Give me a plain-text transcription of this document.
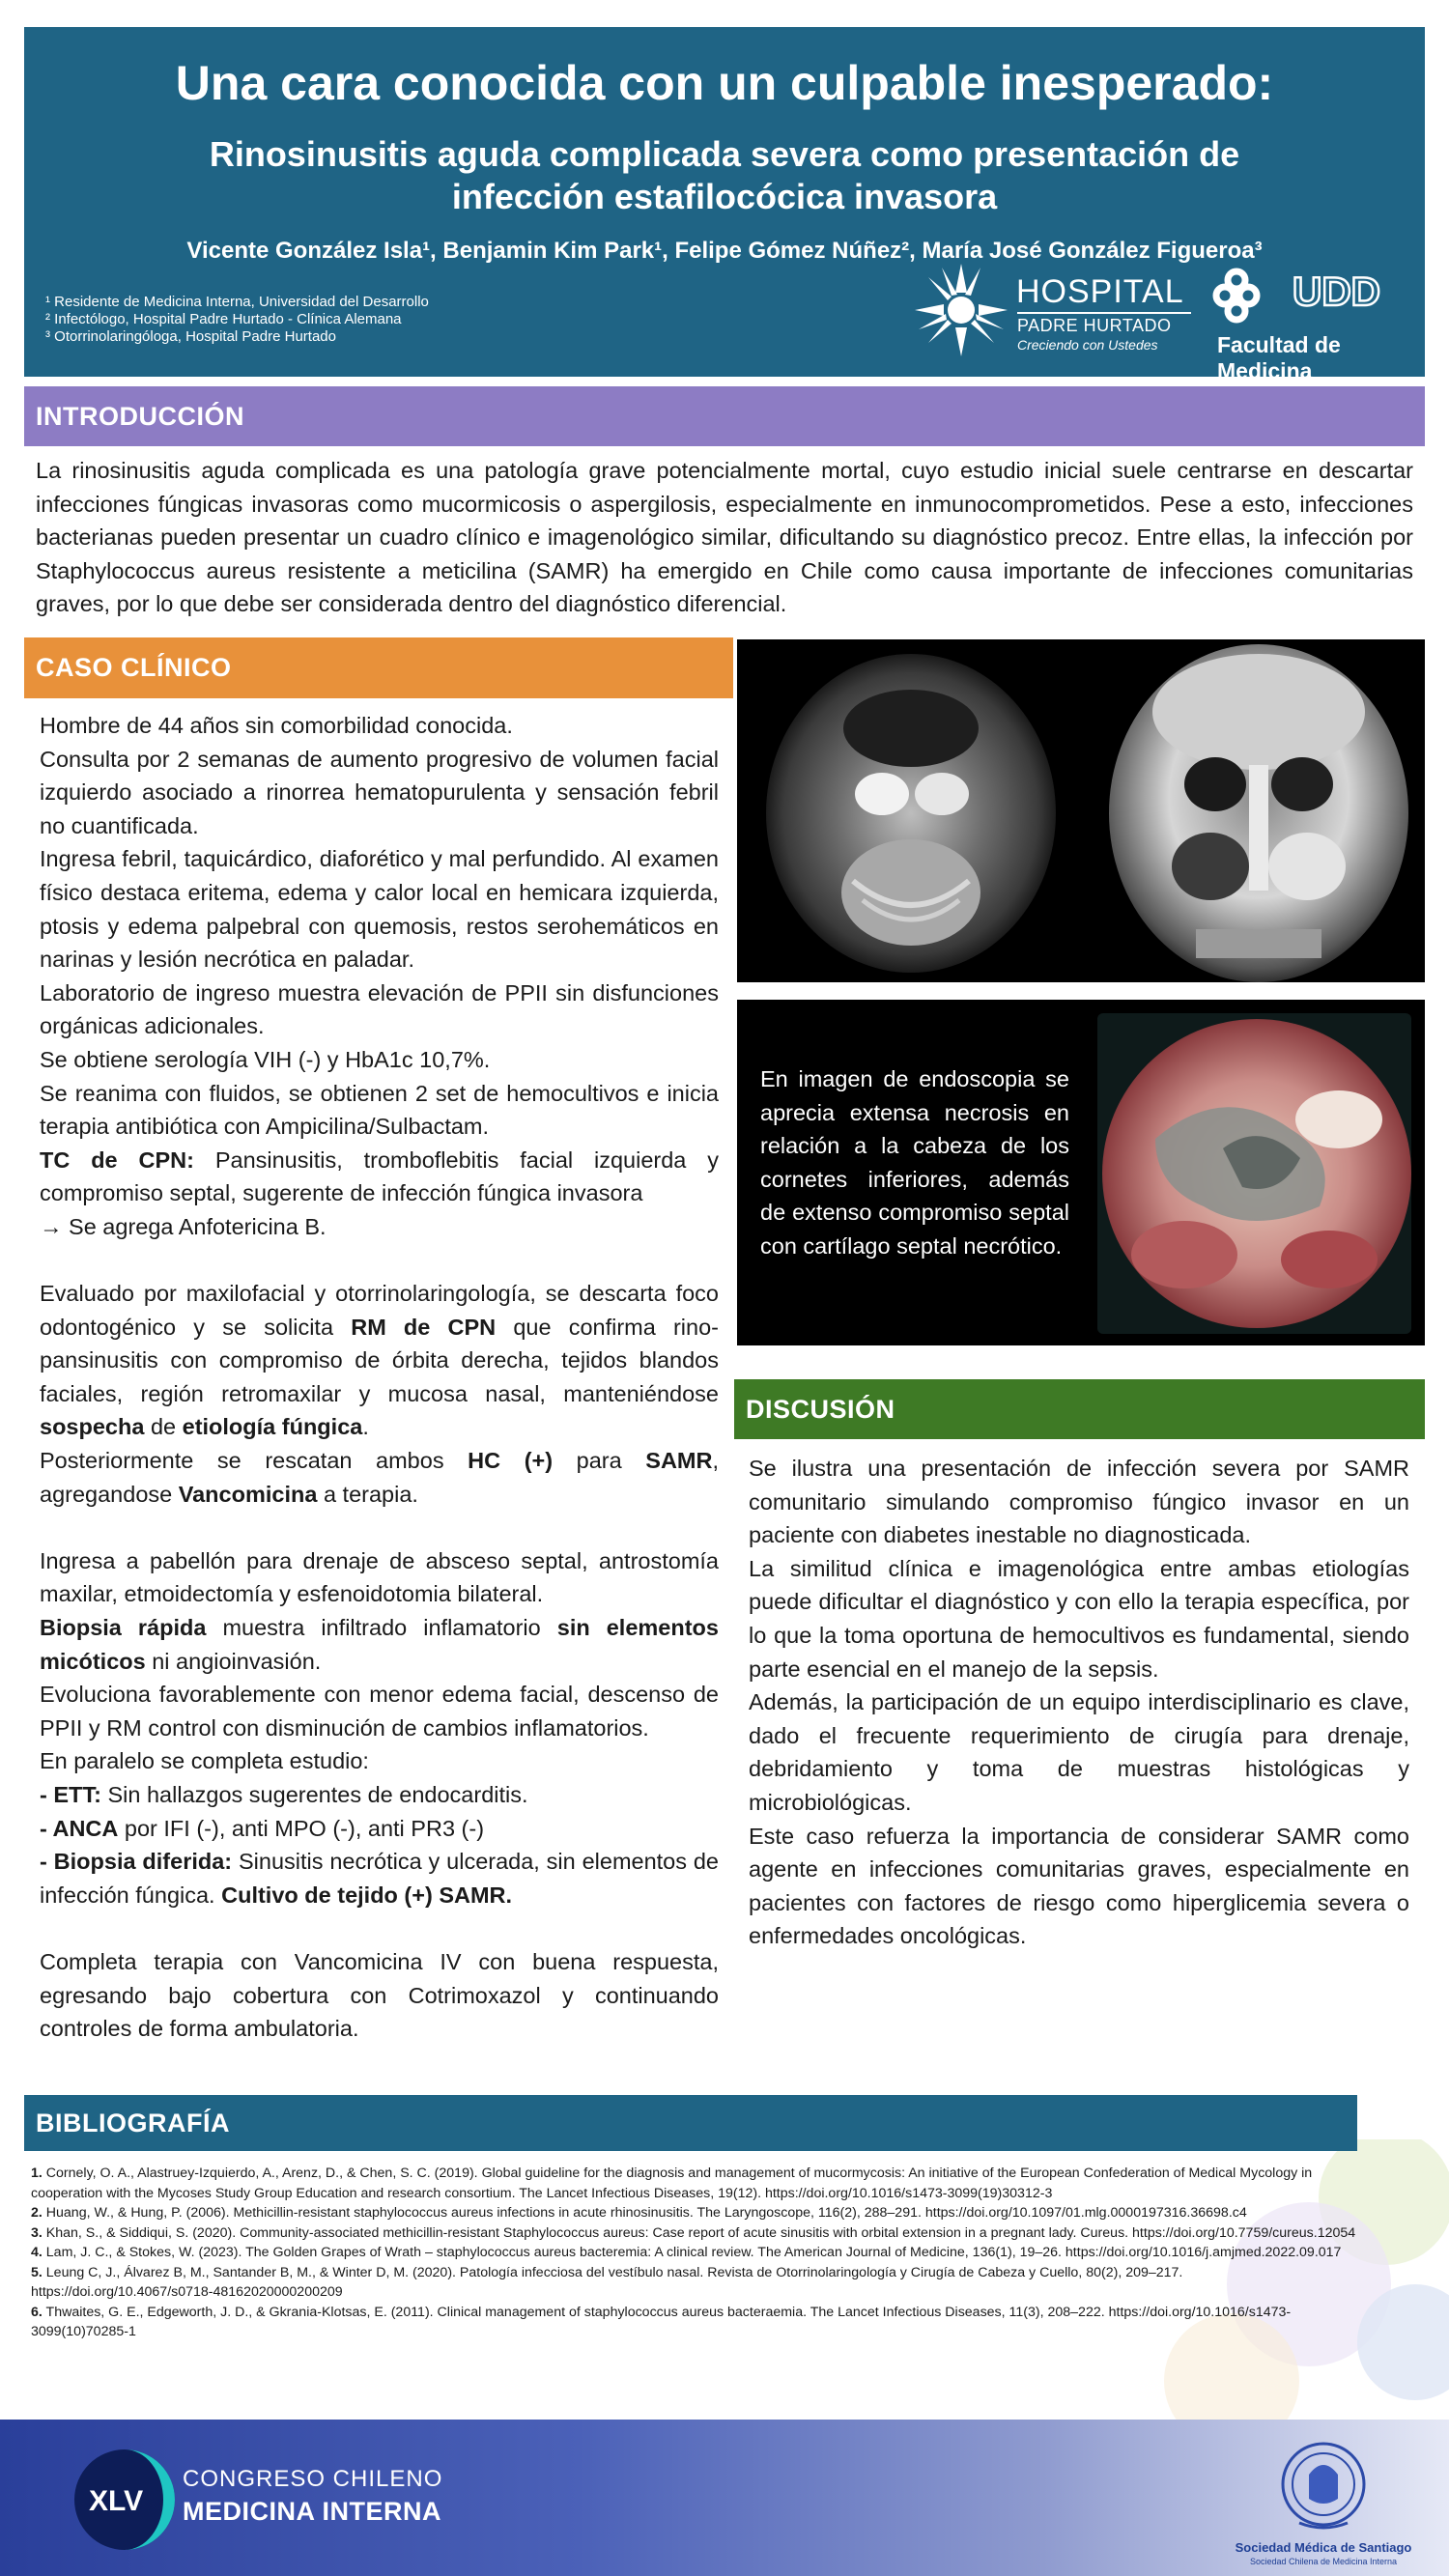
Una cara conocida con un culpable inesperado:
Rinosinusitis aguda complicada severa como presentación de
infección estafilocócica invasora
Vicente González Isla¹, Benjamin Kim Park¹, Felipe Gómez Núñez², María José González Figueroa³
¹ Residente de Medicina Interna, Universidad del Desarrollo
² Infectólogo, Hospital Padre Hurtado - Clínica Alemana
³ Otorrinolaringóloga, Hospital Padre Hurtado
HOSPITAL
PADRE HURTADO
Creciendo con Ustedes
UDD
Facultad de Medicina
INTRODUCCIÓN
La rinosinusitis aguda complicada es una patología grave potencialmente mortal, cuyo estudio inicial suele centrarse en descartar infecciones fúngicas invasoras como mucormicosis o aspergilosis, especialmente en inmunocomprometidos. Pese a esto, infecciones bacterianas pueden presentar un cuadro clínico e imagenológico similar, dificultando su diagnóstico precoz. Entre ellas, la infección por Staphylococcus aureus resistente a meticilina (SAMR) ha emergido en Chile como causa importante de infecciones comunitarias graves, por lo que debe ser considerada dentro del diagnóstico diferencial.
CASO CLÍNICO

Hombre de 44 años sin comorbilidad conocida.

Consulta por 2 semanas de aumento progresivo de volumen facial izquierdo asociado a rinorrea hematopurulenta y sensación febril no cuantificada.

Ingresa febril, taquicárdico, diaforético y mal perfundido. Al examen físico destaca eritema, edema y calor local en hemicara izquierda, ptosis y edema palpebral con quemosis, restos serohemáticos en narinas y lesión necrótica en paladar.

Laboratorio de ingreso muestra elevación de PPII sin disfunciones orgánicas adicionales.

Se obtiene serología VIH (-) y HbA1c 10,7%.

Se reanima con fluidos, se obtienen 2 set de hemocultivos e inicia terapia antibiótica con Ampicilina/Sulbactam.

TC de CPN: Pansinusitis, tromboflebitis facial izquierda y compromiso septal, sugerente de infección fúngica invasora

→ Se agrega Anfotericina B.

Evaluado por maxilofacial y otorrinolaringología, se descarta foco odontogénico y se solicita RM de CPN que confirma rino-pansinusitis con compromiso de órbita derecha, tejidos blandos faciales, región retromaxilar y mucosa nasal, manteniéndose sospecha de etiología fúngica.

Posteriormente se rescatan ambos HC (+) para SAMR, agregandose Vancomicina a terapia.

Ingresa a pabellón para drenaje de absceso septal, antrostomía maxilar, etmoidectomía y esfenoidotomia bilateral.

Biopsia rápida muestra infiltrado inflamatorio sin elementos micóticos ni angioinvasión.

Evoluciona favorablemente con menor edema facial, descenso de PPII y RM control con disminución de cambios inflamatorios.

En paralelo se completa estudio:

- ETT: Sin hallazgos sugerentes de endocarditis.

- ANCA por IFI (-), anti MPO (-), anti PR3 (-)

- Biopsia diferida: Sinusitis necrótica y ulcerada, sin elementos de infección fúngica. Cultivo de tejido (+) SAMR.

Completa terapia con Vancomicina IV con buena respuesta, egresando bajo cobertura con Cotrimoxazol y continuando controles de forma ambulatoria.

En imagen de endoscopia se aprecia extensa necrosis en relación a la cabeza de los cornetes inferiores, además de extenso compromiso septal con cartílago septal necrótico.
DISCUSIÓN

Se ilustra una presentación de infección severa por SAMR comunitario simulando compromiso fúngico invasor en un paciente con diabetes inestable no diagnosticada.

La similitud clínica e imagenológica entre ambas etiologías puede dificultar el diagnóstico y con ello la terapia específica, por lo que la toma oportuna de hemocultivos es fundamental, siendo parte esencial en el manejo de la sepsis.

Además, la participación de un equipo interdisciplinario es clave, dado el frecuente requerimiento de cirugía para drenaje, debridamiento y toma de muestras histológicas y microbiológicas.

Este caso refuerza la importancia de considerar SAMR como agente en infecciones comunitarias graves, especialmente en pacientes con factores de riesgo como hiperglicemia severa o enfermedades oncológicas.

BIBLIOGRAFÍA

1. Cornely, O. A., Alastruey-Izquierdo, A., Arenz, D., & Chen, S. C. (2019). Global guideline for the diagnosis and management of mucormycosis: An initiative of the European Confederation of Medical Mycology in cooperation with the Mycoses Study Group Education and research consortium. The Lancet Infectious Diseases, 19(12). https://doi.org/10.1016/s1473-3099(19)30312-3

2. Huang, W., & Hung, P. (2006). Methicillin-resistant staphylococcus aureus infections in acute rhinosinusitis. The Laryngoscope, 116(2), 288–291. https://doi.org/10.1097/01.mlg.0000197316.36698.c4

3. Khan, S., & Siddiqui, S. (2020). Community-associated methicillin-resistant Staphylococcus aureus: Case report of acute sinusitis with orbital extension in a pregnant lady. Cureus. https://doi.org/10.7759/cureus.12054

4. Lam, J. C., & Stokes, W. (2023). The Golden Grapes of Wrath – staphylococcus aureus bacteremia: A clinical review. The American Journal of Medicine, 136(1), 19–26. https://doi.org/10.1016/j.amjmed.2022.09.017

5. Leung C, J., Álvarez B, M., Santander B, M., & Winter D, M. (2020). Patología infecciosa del vestíbulo nasal. Revista de Otorrinolaringología y Cirugía de Cabeza y Cuello, 80(2), 209–217. https://doi.org/10.4067/s0718-48162020000200209

6. Thwaites, G. E., Edgeworth, J. D., & Gkrania-Klotsas, E. (2011). Clinical management of staphylococcus aureus bacteraemia. The Lancet Infectious Diseases, 11(3), 208–222. https://doi.org/10.1016/s1473-3099(10)70285-1

XLV
CONGRESO CHILENO
MEDICINA INTERNA
Sociedad Médica de Santiago
Sociedad Chilena de Medicina Interna
